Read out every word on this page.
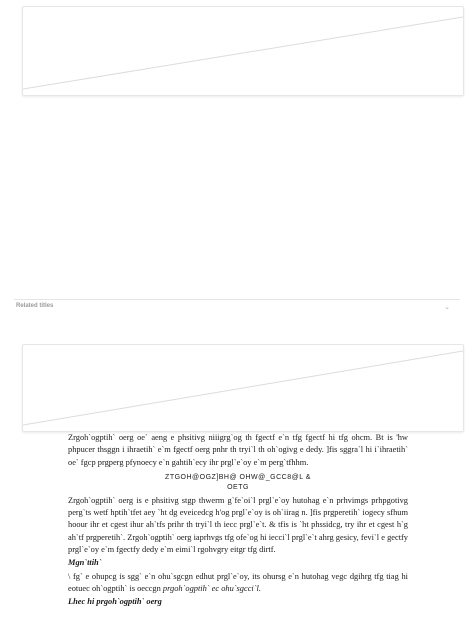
Related titles	⌄

Zrgoh`ogptih` oerg oe` aeng e phsitivg niiigrg`og th fgectf e`n tfg fgectf hi tfg ohcm. Bt is 'hw phpucer thsggn i ihraetih` e`m fgectf oerg pnhr th tryi`l th oh`ogivg e dedy. ]fis sggra`l hi i`ihraetih` oe` fgcp prgperg pfynoecy e`n gahtih`ecy ihr prgl`e`oy e`m perg`tfhhm.

ZTGOH@OGZ]BH@ OHW@_GCC8@L &
OETG

Zrgoh`ogptih` oerg is e phsitivg stgp thwerm g`fe`oi`l prgl`e`oy hutohag e`n prhvimgs prhpgotivg perg`ts wetf hptih`tfet aey `ht dg eveicedcg h'og prgl`e`oy is oh`iirag n. ]fis prgperetih` iogecy sfhum hoour ihr et cgest ihur ah`tfs prihr th tryi`l th iecc prgl`e`t. & tfis is `ht phssidcg, try ihr et cgest h`g ah`tf prgperetih`. Zrgoh`ogptih` oerg iaprhvgs tfg ofe`og hi iecci`l prgl`e`t ahrg gesicy, fevi`l e gectfy prgl`e`oy e`m fgectfy dedy e`m eimi`l rgohvgry eitgr tfg dirtf.

Mgn`ttih`

\ fg` e ohupcg is sgg` e`n ohu`sgcgn edhut prgl`e`oy, its ohursg e`n hutohag vegc dgihrg tfg tiag hi eotuec oh`ogptih` is oeccgn prgoh`ogptih` ec ohu`sgcci`l.

Lhec hi prgoh`ogptih` oerg
